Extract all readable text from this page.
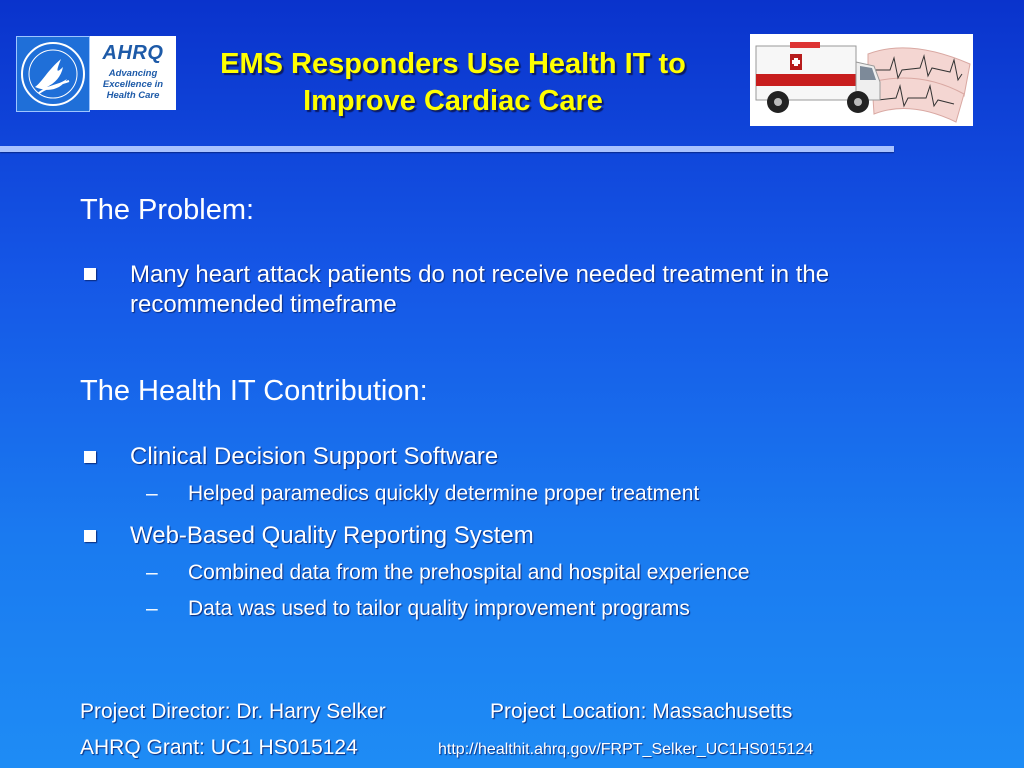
AHRQ
Advancing
Excellence in
Health Care
EMS Responders Use Health IT to
Improve Cardiac Care
The Problem:
Many heart attack patients do not receive needed treatment in the recommended timeframe
The Health IT Contribution:
Clinical Decision Support Software
– Helped paramedics quickly determine proper treatment
Web-Based Quality Reporting System
– Combined data from the prehospital and hospital experience
– Data was used to tailor quality improvement programs
Project Director: Dr. Harry Selker	Project Location: Massachusetts
AHRQ Grant: UC1 HS015124	http://healthit.ahrq.gov/FRPT_Selker_UC1HS015124
